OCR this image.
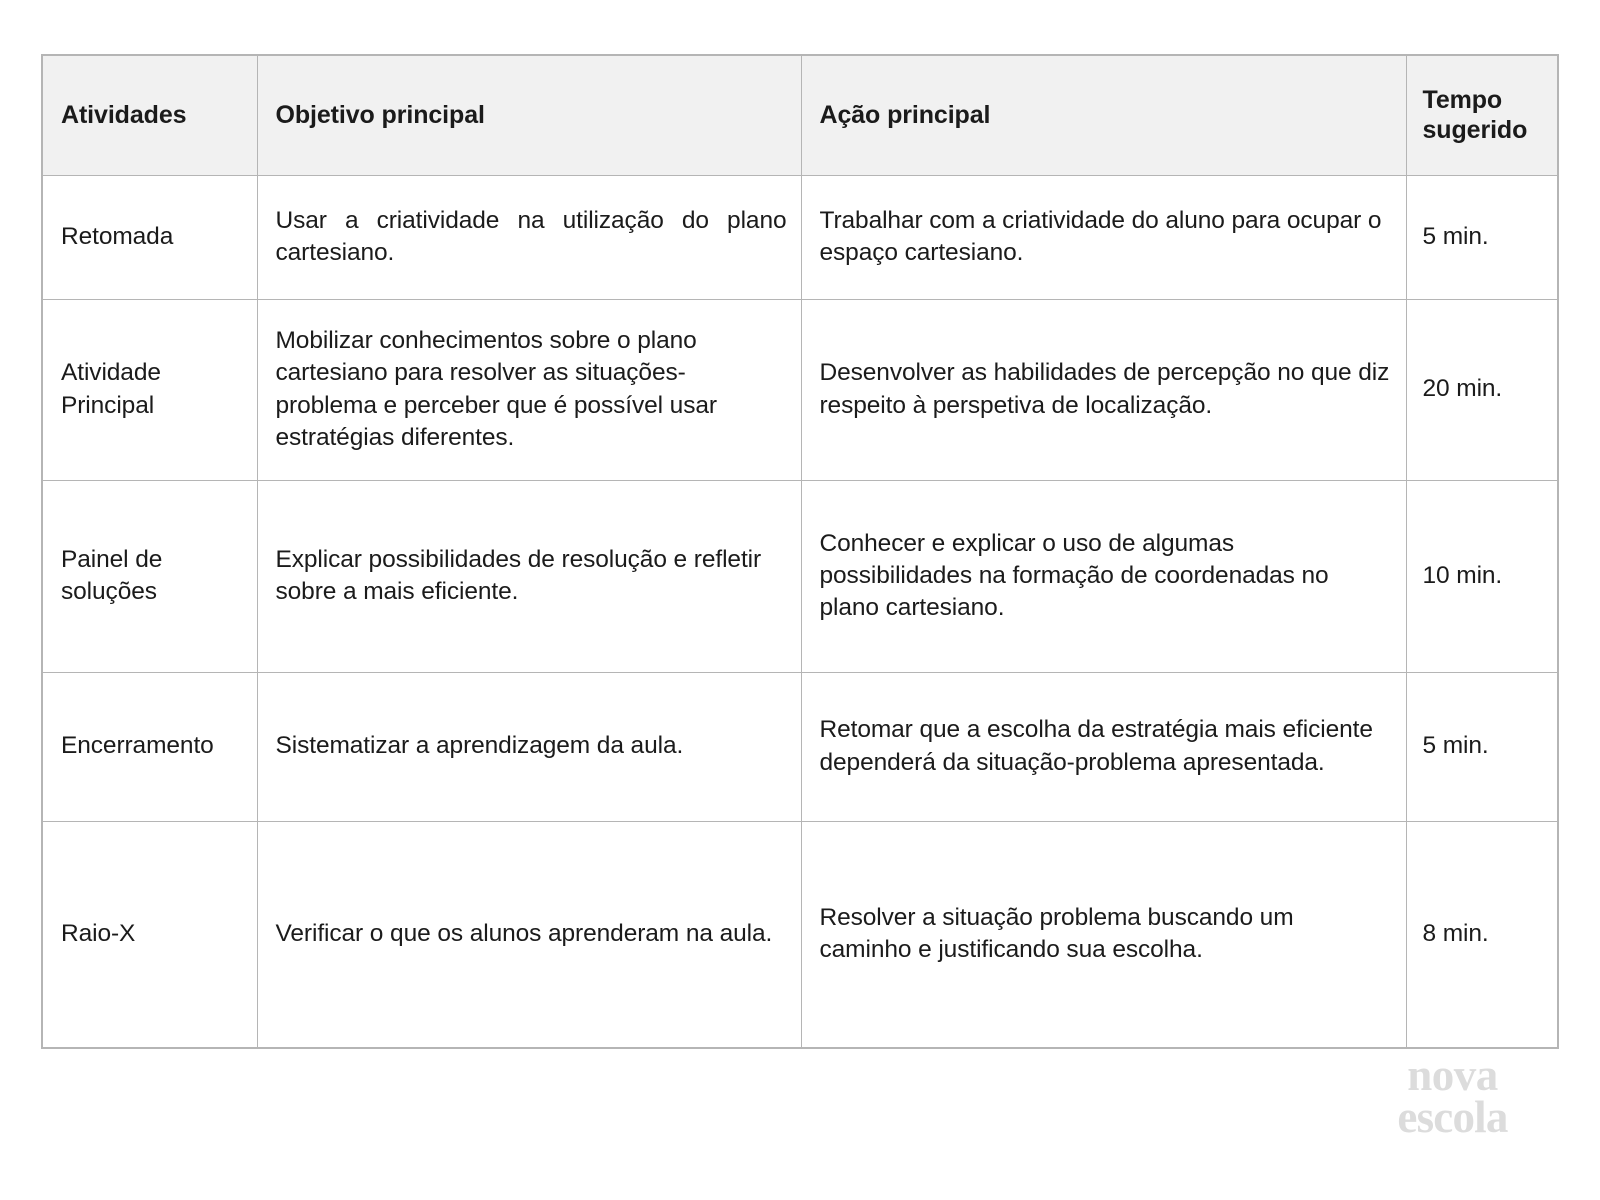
Atividades	Objetivo principal	Ação principal	Tempo
sugerido
Retomada	Usar a criatividade na utilização do plano cartesiano.	Trabalhar com a criatividade do aluno para ocupar o espaço cartesiano.	5 min.
Atividade Principal	Mobilizar conhecimentos sobre o plano cartesiano para resolver as situações-problema e perceber que é possível usar estratégias diferentes.	Desenvolver as habilidades de percepção no que diz respeito à perspetiva de localização.	20 min.
Painel de soluções	Explicar possibilidades de resolução e refletir sobre a mais eficiente.	Conhecer e explicar o uso de algumas possibilidades na formação de coordenadas no plano cartesiano.	10 min.
Encerramento	Sistematizar a aprendizagem da aula.	Retomar que a escolha da estratégia mais eficiente dependerá da situação-problema apresentada.	5 min.
Raio-X	Verificar o que os alunos aprenderam na aula.	Resolver a situação problema buscando um caminho e justificando sua escolha.	8 min.
nova
escola
